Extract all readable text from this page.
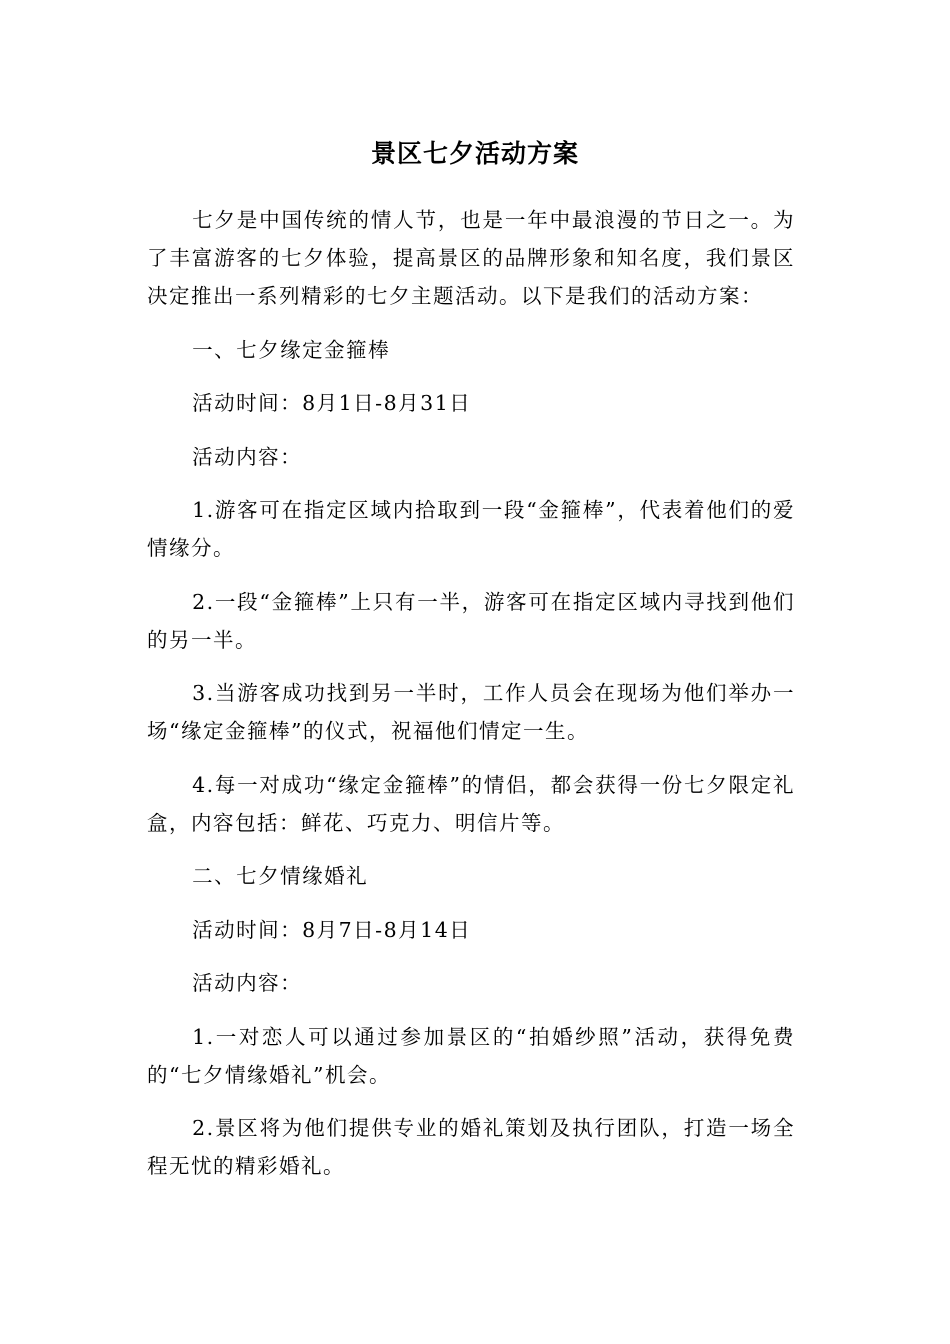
景区七夕活动方案

七夕是中国传统的情人节，也是一年中最浪漫的节日之一。为了丰富游客的七夕体验，提高景区的品牌形象和知名度，我们景区决定推出一系列精彩的七夕主题活动。以下是我们的活动方案：

一、七夕缘定金箍棒

活动时间：8月1日-8月31日

活动内容：

1.游客可在指定区域内拾取到一段“金箍棒”，代表着他们的爱情缘分。

2.一段“金箍棒”上只有一半，游客可在指定区域内寻找到他们的另一半。

3.当游客成功找到另一半时，工作人员会在现场为他们举办一场“缘定金箍棒”的仪式，祝福他们情定一生。

4.每一对成功“缘定金箍棒”的情侣，都会获得一份七夕限定礼盒，内容包括：鲜花、巧克力、明信片等。

二、七夕情缘婚礼

活动时间：8月7日-8月14日

活动内容：

1.一对恋人可以通过参加景区的“拍婚纱照”活动，获得免费的“七夕情缘婚礼”机会。

2.景区将为他们提供专业的婚礼策划及执行团队，打造一场全程无忧的精彩婚礼。
